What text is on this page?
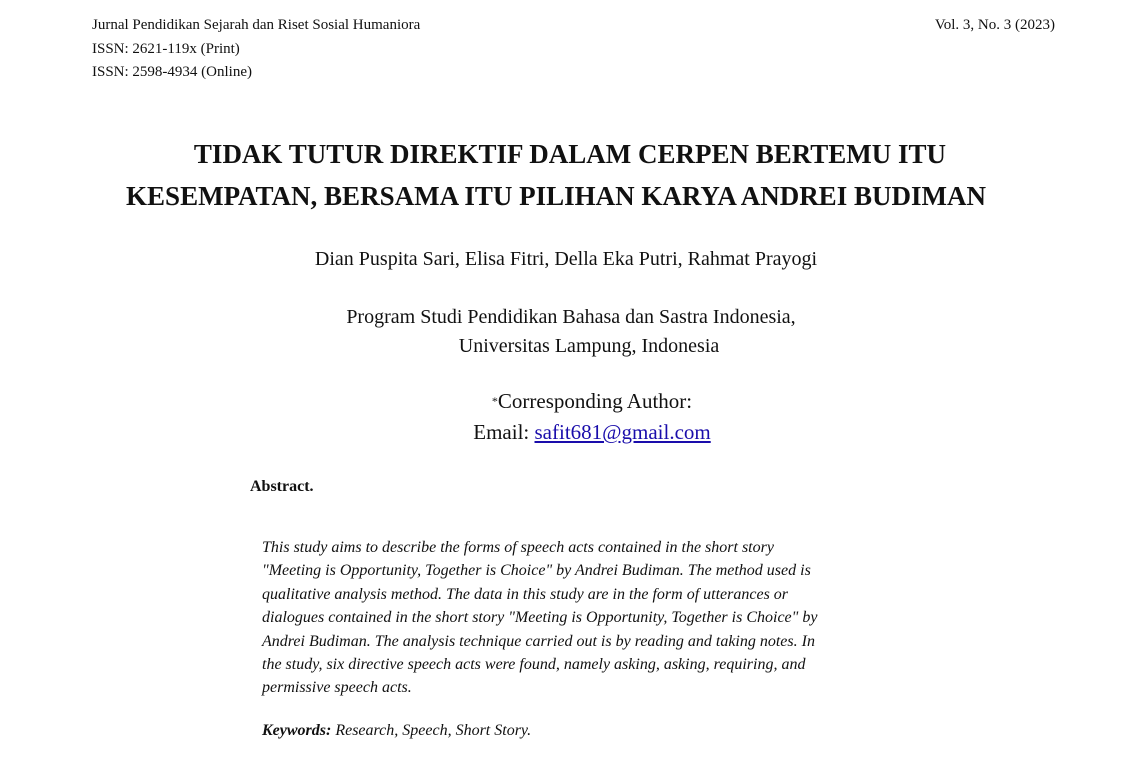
Jurnal Pendidikan Sejarah dan Riset Sosial Humaniora
ISSN: 2621-119x (Print)
ISSN: 2598-4934 (Online)
Vol. 3, No. 3 (2023)
TIDAK TUTUR DIREKTIF DALAM CERPEN BERTEMU ITU
KESEMPATAN, BERSAMA ITU PILIHAN KARYA ANDREI BUDIMAN
Dian Puspita Sari, Elisa Fitri, Della Eka Putri, Rahmat Prayogi
Program Studi Pendidikan Bahasa dan Sastra Indonesia,
Universitas Lampung, Indonesia
*Corresponding Author:
Email: safit681@gmail.com
Abstract.
This study aims to describe the forms of speech acts contained in the short story
"Meeting is Opportunity, Together is Choice" by Andrei Budiman. The method used is
qualitative analysis method. The data in this study are in the form of utterances or
dialogues contained in the short story "Meeting is Opportunity, Together is Choice" by
Andrei Budiman. The analysis technique carried out is by reading and taking notes. In
the study, six directive speech acts were found, namely asking, asking, requiring, and
permissive speech acts.
Keywords: Research, Speech, Short Story.
